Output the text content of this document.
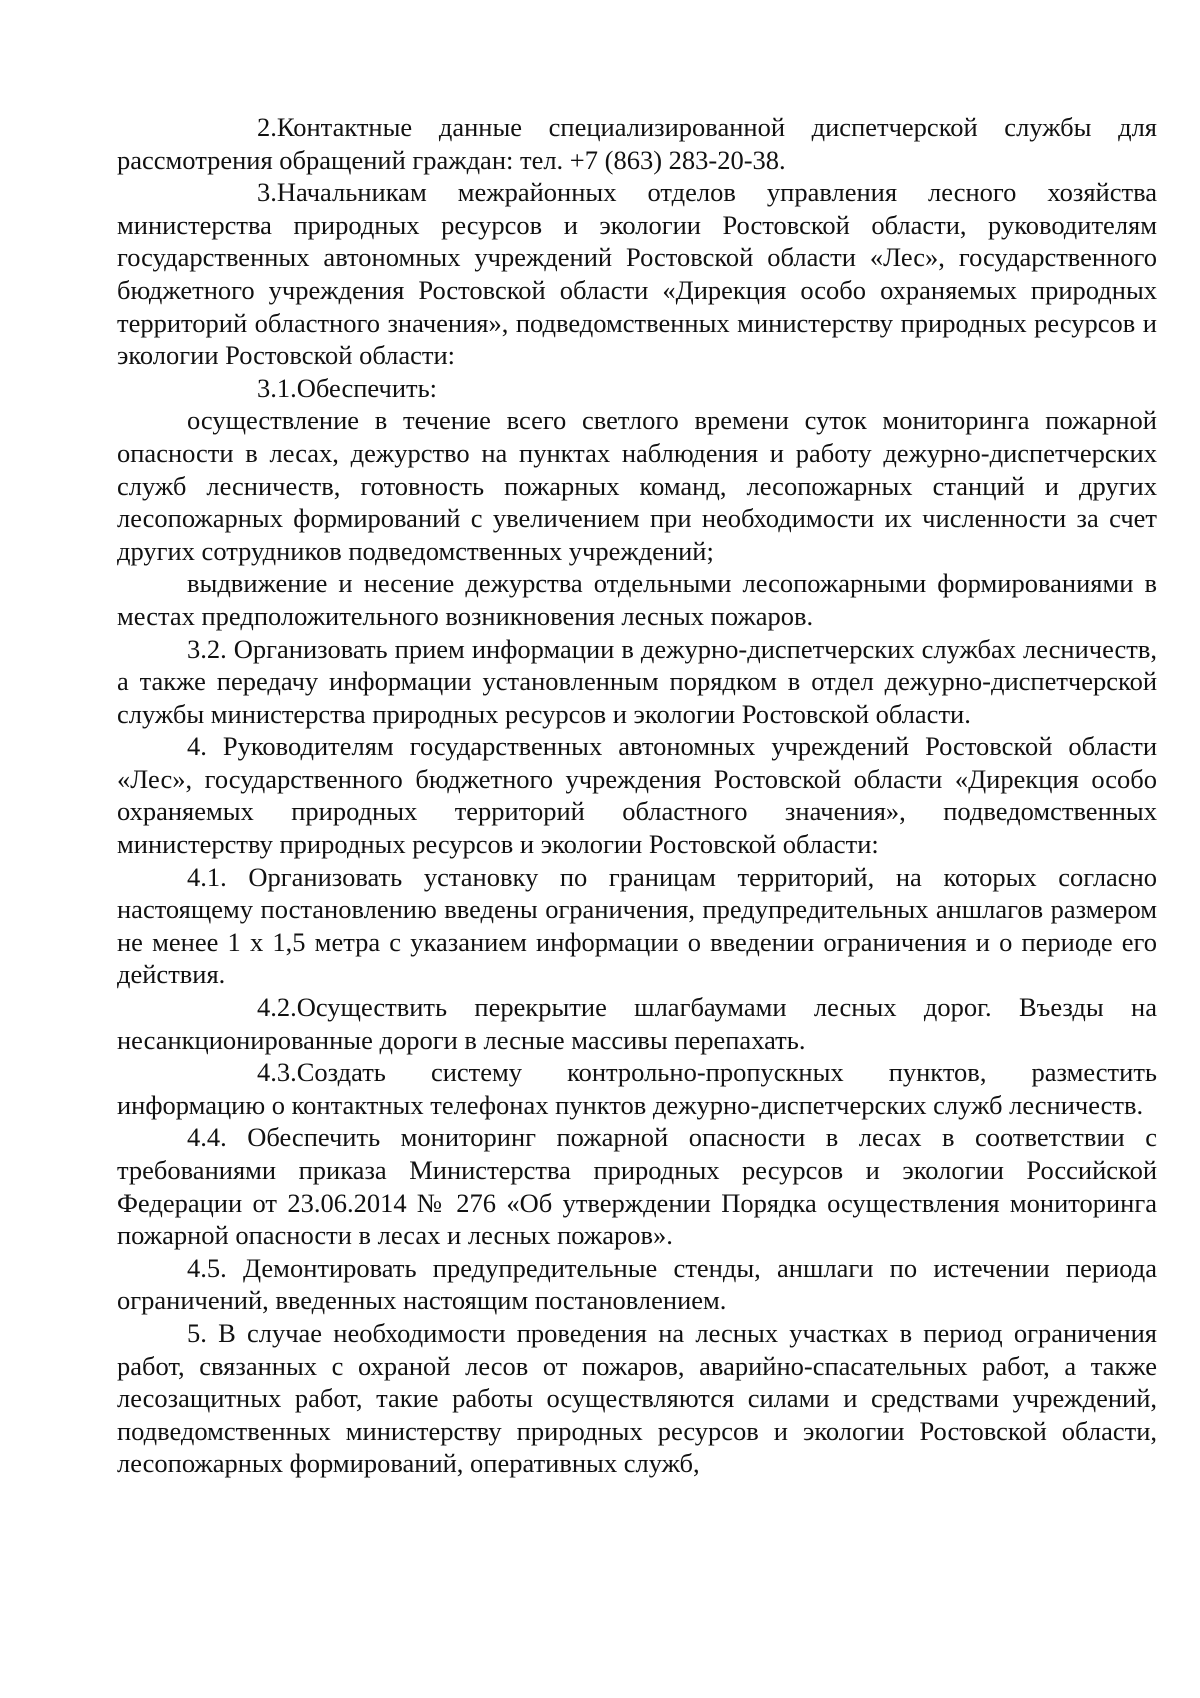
2.Контактные данные специализированной диспетчерской службы для рассмотрения обращений граждан: тел. +7 (863) 283-20-38.

3.Начальникам межрайонных отделов управления лесного хозяйства министерства природных ресурсов и экологии Ростовской области, руководителям государственных автономных учреждений Ростовской области «Лес», государственного бюджетного учреждения Ростовской области «Дирекция особо охраняемых природных территорий областного значения», подведомственных министерству природных ресурсов и экологии Ростовской области:

3.1.Обеспечить:

осуществление в течение всего светлого времени суток мониторинга пожарной опасности в лесах, дежурство на пунктах наблюдения и работу дежурно-диспетчерских служб лесничеств, готовность пожарных команд, лесопожарных станций и других лесопожарных формирований с увеличением при необходимости их численности за счет других сотрудников подведомственных учреждений;

выдвижение и несение дежурства отдельными лесопожарными формированиями в местах предположительного возникновения лесных пожаров.

3.2. Организовать прием информации в дежурно-диспетчерских службах лесничеств, а также передачу информации установленным порядком в отдел дежурно-диспетчерской службы министерства природных ресурсов и экологии Ростовской области.

4. Руководителям государственных автономных учреждений Ростовской области «Лес», государственного бюджетного учреждения Ростовской области «Дирекция особо охраняемых природных территорий областного значения», подведомственных министерству природных ресурсов и экологии Ростовской области:

4.1. Организовать установку по границам территорий, на которых согласно настоящему постановлению введены ограничения, предупредительных аншлагов размером не менее 1 х 1,5 метра с указанием информации о введении ограничения и о периоде его действия.

4.2.Осуществить перекрытие шлагбаумами лесных дорог. Въезды на несанкционированные дороги в лесные массивы перепахать.

4.3.Создать систему контрольно-пропускных пунктов, разместить информацию о контактных телефонах пунктов дежурно-диспетчерских служб лесничеств.

4.4. Обеспечить мониторинг пожарной опасности в лесах в соответствии с требованиями приказа Министерства природных ресурсов и экологии Российской Федерации от 23.06.2014 № 276 «Об утверждении Порядка осуществления мониторинга пожарной опасности в лесах и лесных пожаров».

4.5. Демонтировать предупредительные стенды, аншлаги по истечении периода ограничений, введенных настоящим постановлением.

5. В случае необходимости проведения на лесных участках в период ограничения работ, связанных с охраной лесов от пожаров, аварийно-спасательных работ, а также лесозащитных работ, такие работы осуществляются силами и средствами учреждений, подведомственных министерству природных ресурсов и экологии Ростовской области, лесопожарных формирований, оперативных служб,
